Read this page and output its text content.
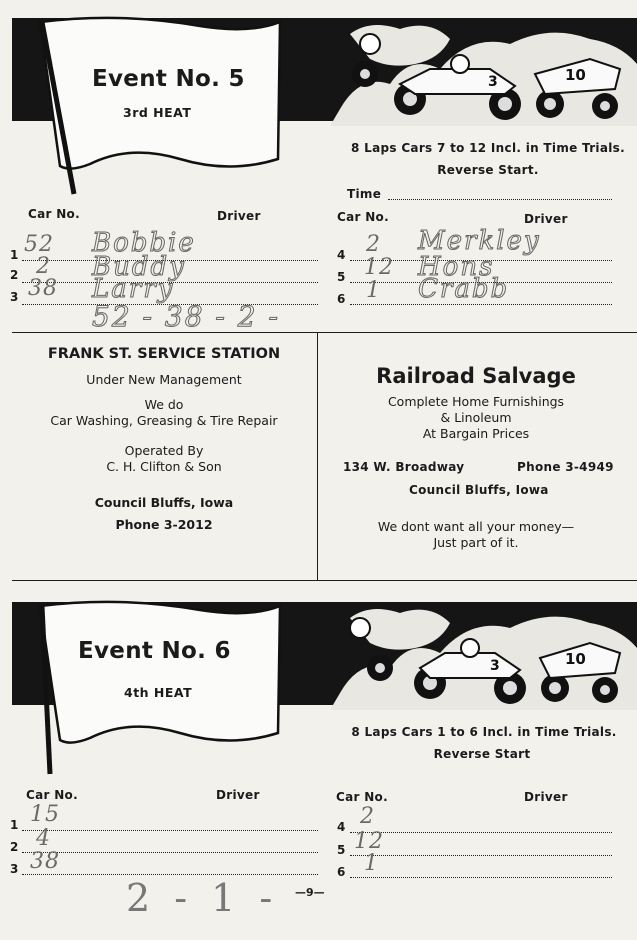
10
3
Event No. 5
3rd HEAT
8 Laps Cars 7 to 12 Incl. in Time Trials.
Reverse Start.
Time
Car No.	Driver	Car No.	Driver
1 52 Bobbie
2 2 Buddy
3 38 Larry
52 - 38 - 2 -
4 2 Merkley
5 12 Hons
6 1 Crabb
FRANK ST. SERVICE STATION
Under New Management
We do
Car Washing, Greasing & Tire Repair
Operated By
C. H. Clifton & Son
Council Bluffs, Iowa
Phone 3-2012
Railroad Salvage
Complete Home Furnishings
& Linoleum
At Bargain Prices
134 W. Broadway	Phone 3-4949
Council Bluffs, Iowa
We dont want all your money—
Just part of it.
10
3
Event No. 6
4th HEAT
8 Laps Cars 1 to 6 Incl. in Time Trials.
Reverse Start
Car No.	Driver	Car No.	Driver
1 15
2 4
3 38
4 2
5 12
6 1
2 - 1 - —9—
